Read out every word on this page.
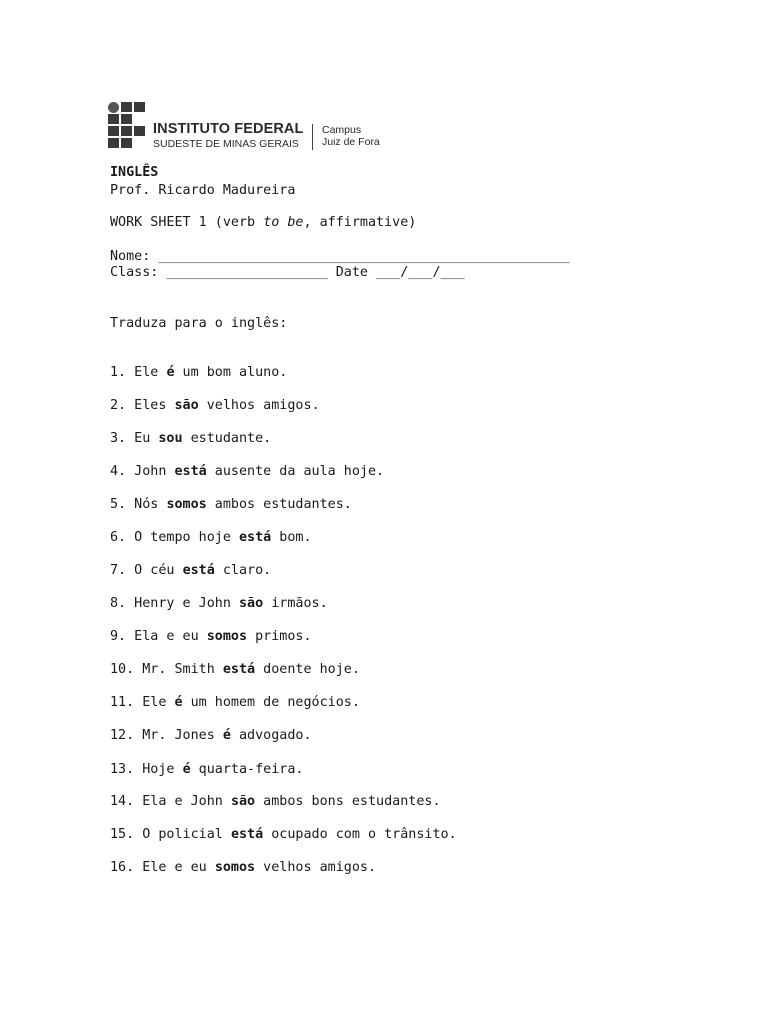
INSTITUTO FEDERAL
SUDESTE DE MINAS GERAIS
Campus
Juiz de Fora
INGLÊS
Prof. Ricardo Madureira
WORK SHEET 1 (verb to be, affirmative)
Nome: ___________________________________________________
Class: ____________________ Date ___/___/___
Traduza para o inglês:
1. Ele é um bom aluno.
2. Eles são velhos amigos.
3. Eu sou estudante.
4. John está ausente da aula hoje.
5. Nós somos ambos estudantes.
6. O tempo hoje está bom.
7. O céu está claro.
8. Henry e John são irmãos.
9. Ela e eu somos primos.
10. Mr. Smith está doente hoje.
11. Ele é um homem de negócios.
12. Mr. Jones é advogado.
13. Hoje é quarta-feira.
14. Ela e John são ambos bons estudantes.
15. O policial está ocupado com o trânsito.
16. Ele e eu somos velhos amigos.
